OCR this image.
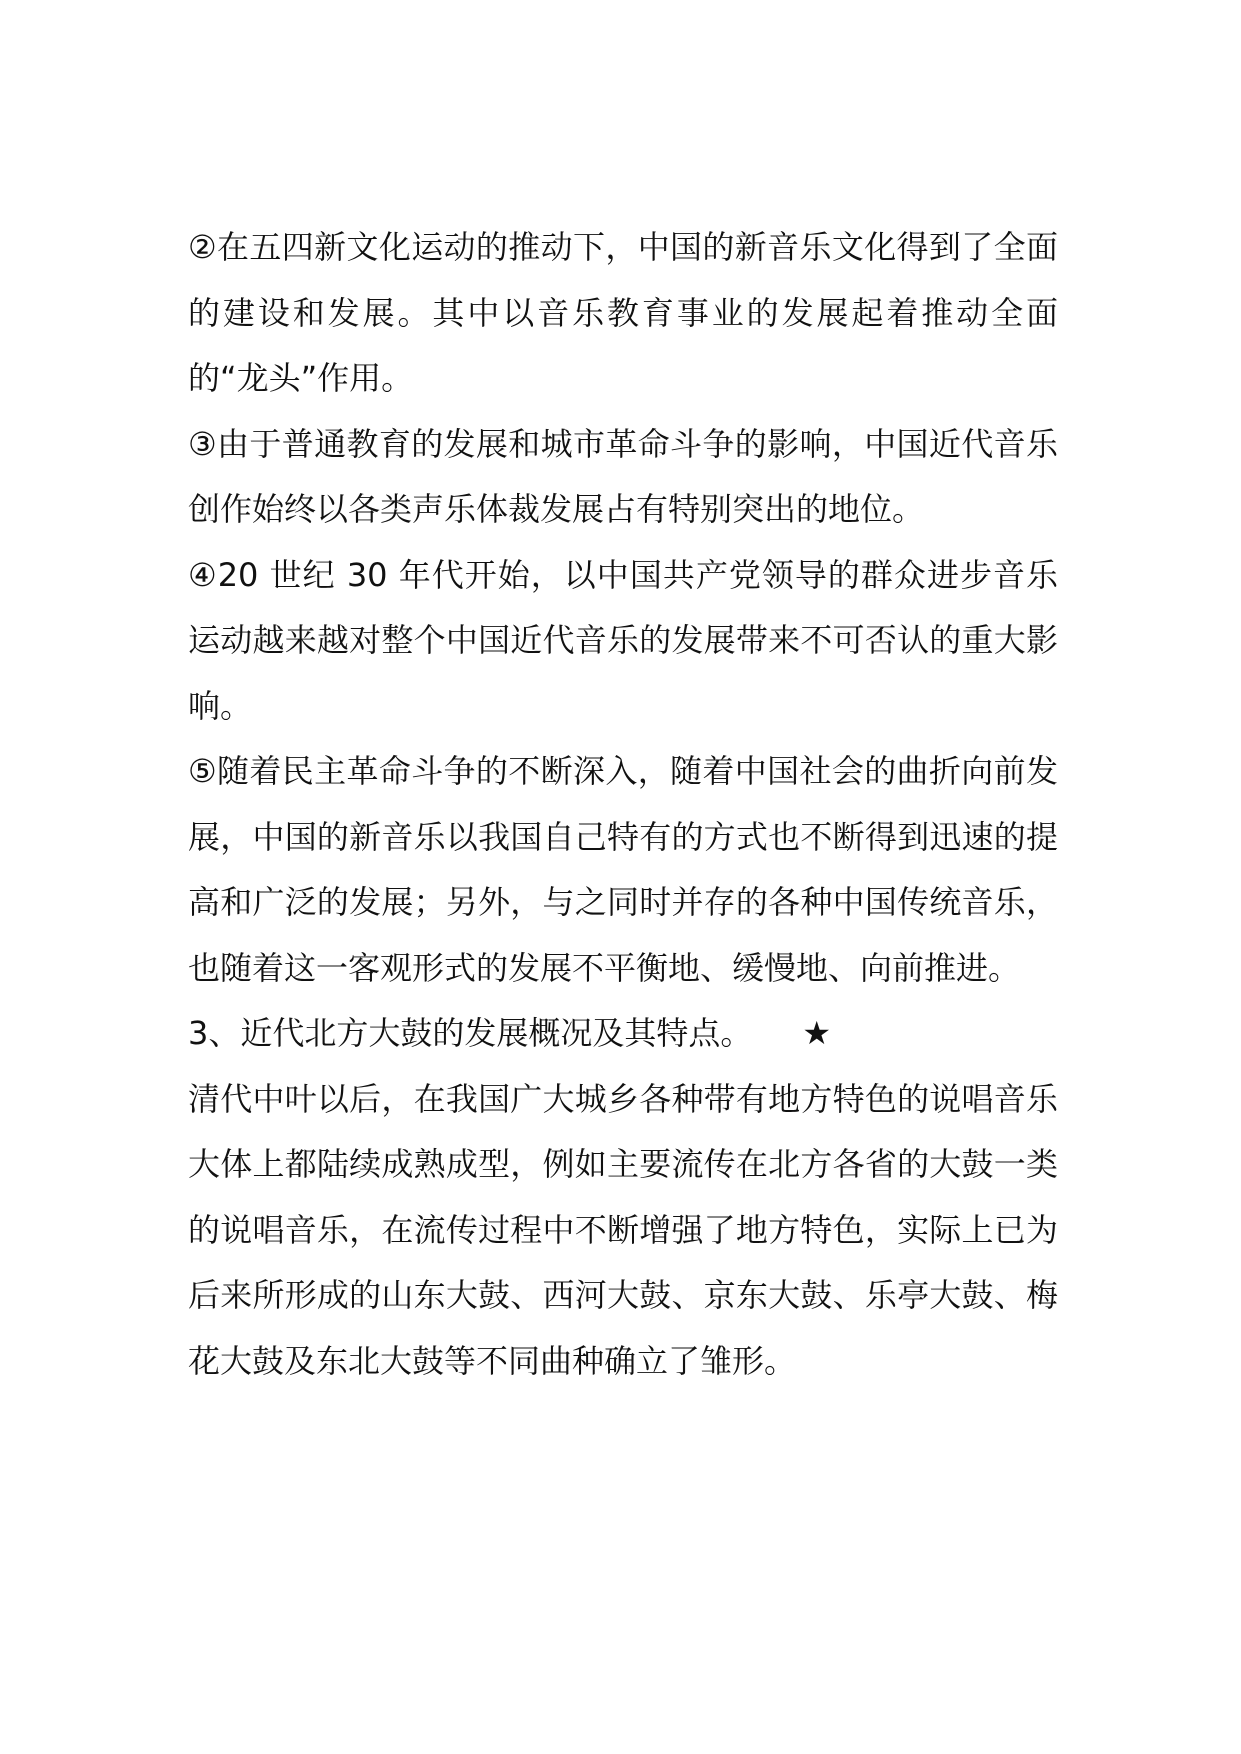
②在五四新文化运动的推动下，中国的新音乐文化得到了全面的建设和发展。其中以音乐教育事业的发展起着推动全面的“龙头”作用。

③由于普通教育的发展和城市革命斗争的影响，中国近代音乐创作始终以各类声乐体裁发展占有特别突出的地位。

④20 世纪 30 年代开始，以中国共产党领导的群众进步音乐运动越来越对整个中国近代音乐的发展带来不可否认的重大影响。

⑤随着民主革命斗争的不断深入，随着中国社会的曲折向前发展，中国的新音乐以我国自己特有的方式也不断得到迅速的提高和广泛的发展；另外，与之同时并存的各种中国传统音乐，也随着这一客观形式的发展不平衡地、缓慢地、向前推进。

3、近代北方大鼓的发展概况及其特点。 ★

清代中叶以后，在我国广大城乡各种带有地方特色的说唱音乐大体上都陆续成熟成型，例如主要流传在北方各省的大鼓一类的说唱音乐，在流传过程中不断增强了地方特色，实际上已为后来所形成的山东大鼓、西河大鼓、京东大鼓、乐亭大鼓、梅花大鼓及东北大鼓等不同曲种确立了雏形。
